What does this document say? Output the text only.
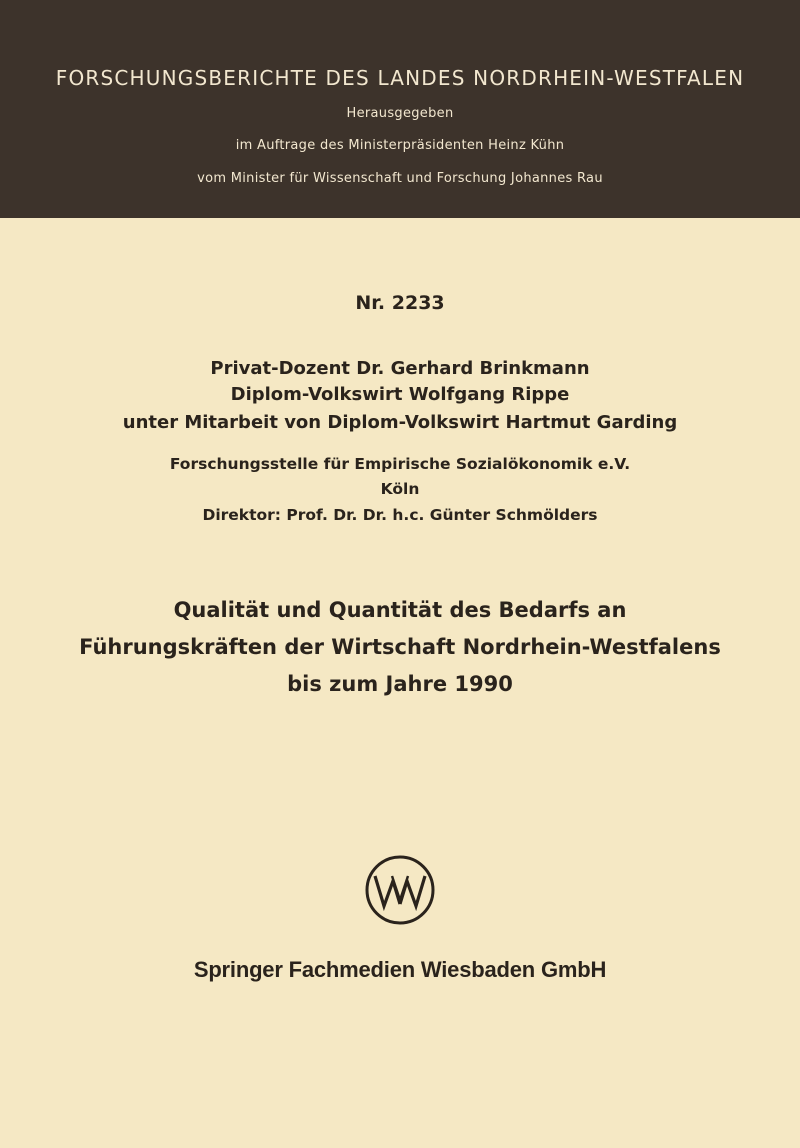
FORSCHUNGSBERICHTE DES LANDES NORDRHEIN-WESTFALEN
Herausgegeben
im Auftrage des Ministerpräsidenten Heinz Kühn
vom Minister für Wissenschaft und Forschung Johannes Rau
Nr. 2233
Privat-Dozent Dr. Gerhard Brinkmann
Diplom-Volkswirt Wolfgang Rippe
unter Mitarbeit von Diplom-Volkswirt Hartmut Garding
Forschungsstelle für Empirische Sozialökonomik e.V.
Köln
Direktor: Prof. Dr. Dr. h.c. Günter Schmölders
Qualität und Quantität des Bedarfs an
Führungskräften der Wirtschaft Nordrhein-Westfalens
bis zum Jahre 1990
Springer Fachmedien Wiesbaden GmbH
